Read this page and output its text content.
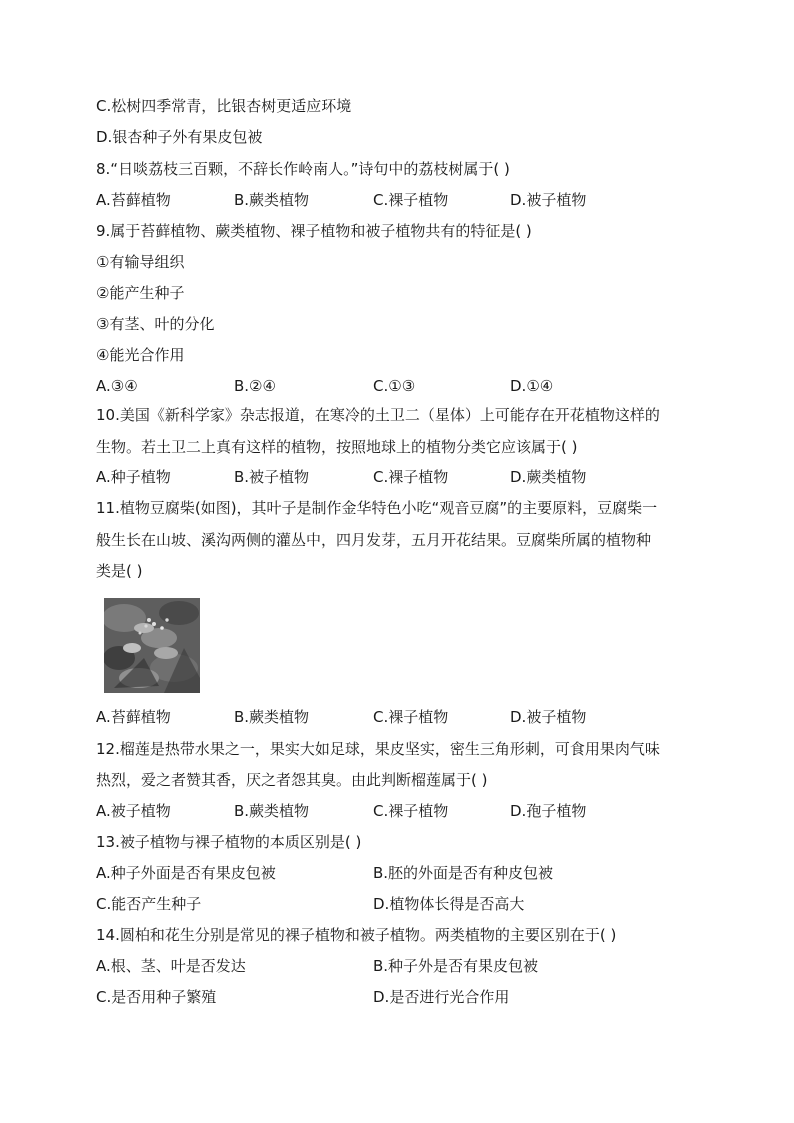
C.松树四季常青，比银杏树更适应环境
D.银杏种子外有果皮包被
8.“日啖荔枝三百颗，不辞长作岭南人。”诗句中的荔枝树属于( )
A.苔藓植物	B.蕨类植物	C.裸子植物	D.被子植物
9.属于苔藓植物、蕨类植物、裸子植物和被子植物共有的特征是( )
①有输导组织
②能产生种子
③有茎、叶的分化
④能光合作用
A.③④	B.②④	C.①③	D.①④
10.美国《新科学家》杂志报道，在寒冷的土卫二（星体）上可能存在开花植物这样的
生物。若土卫二上真有这样的植物，按照地球上的植物分类它应该属于( )
A.种子植物	B.被子植物	C.裸子植物	D.蕨类植物
11.植物豆腐柴(如图)，其叶子是制作金华特色小吃“观音豆腐”的主要原料，豆腐柴一
般生长在山坡、溪沟两侧的灌丛中，四月发芽，五月开花结果。豆腐柴所属的植物种
类是( )
A.苔藓植物	B.蕨类植物	C.裸子植物	D.被子植物
12.榴莲是热带水果之一，果实大如足球，果皮坚实，密生三角形刺，可食用果肉气味
热烈，爱之者赞其香，厌之者怨其臭。由此判断榴莲属于( )
A.被子植物	B.蕨类植物	C.裸子植物	D.孢子植物
13.被子植物与裸子植物的本质区别是( )
A.种子外面是否有果皮包被	B.胚的外面是否有种皮包被
C.能否产生种子	D.植物体长得是否高大
14.圆柏和花生分别是常见的裸子植物和被子植物。两类植物的主要区别在于( )
A.根、茎、叶是否发达	B.种子外是否有果皮包被
C.是否用种子繁殖	D.是否进行光合作用
